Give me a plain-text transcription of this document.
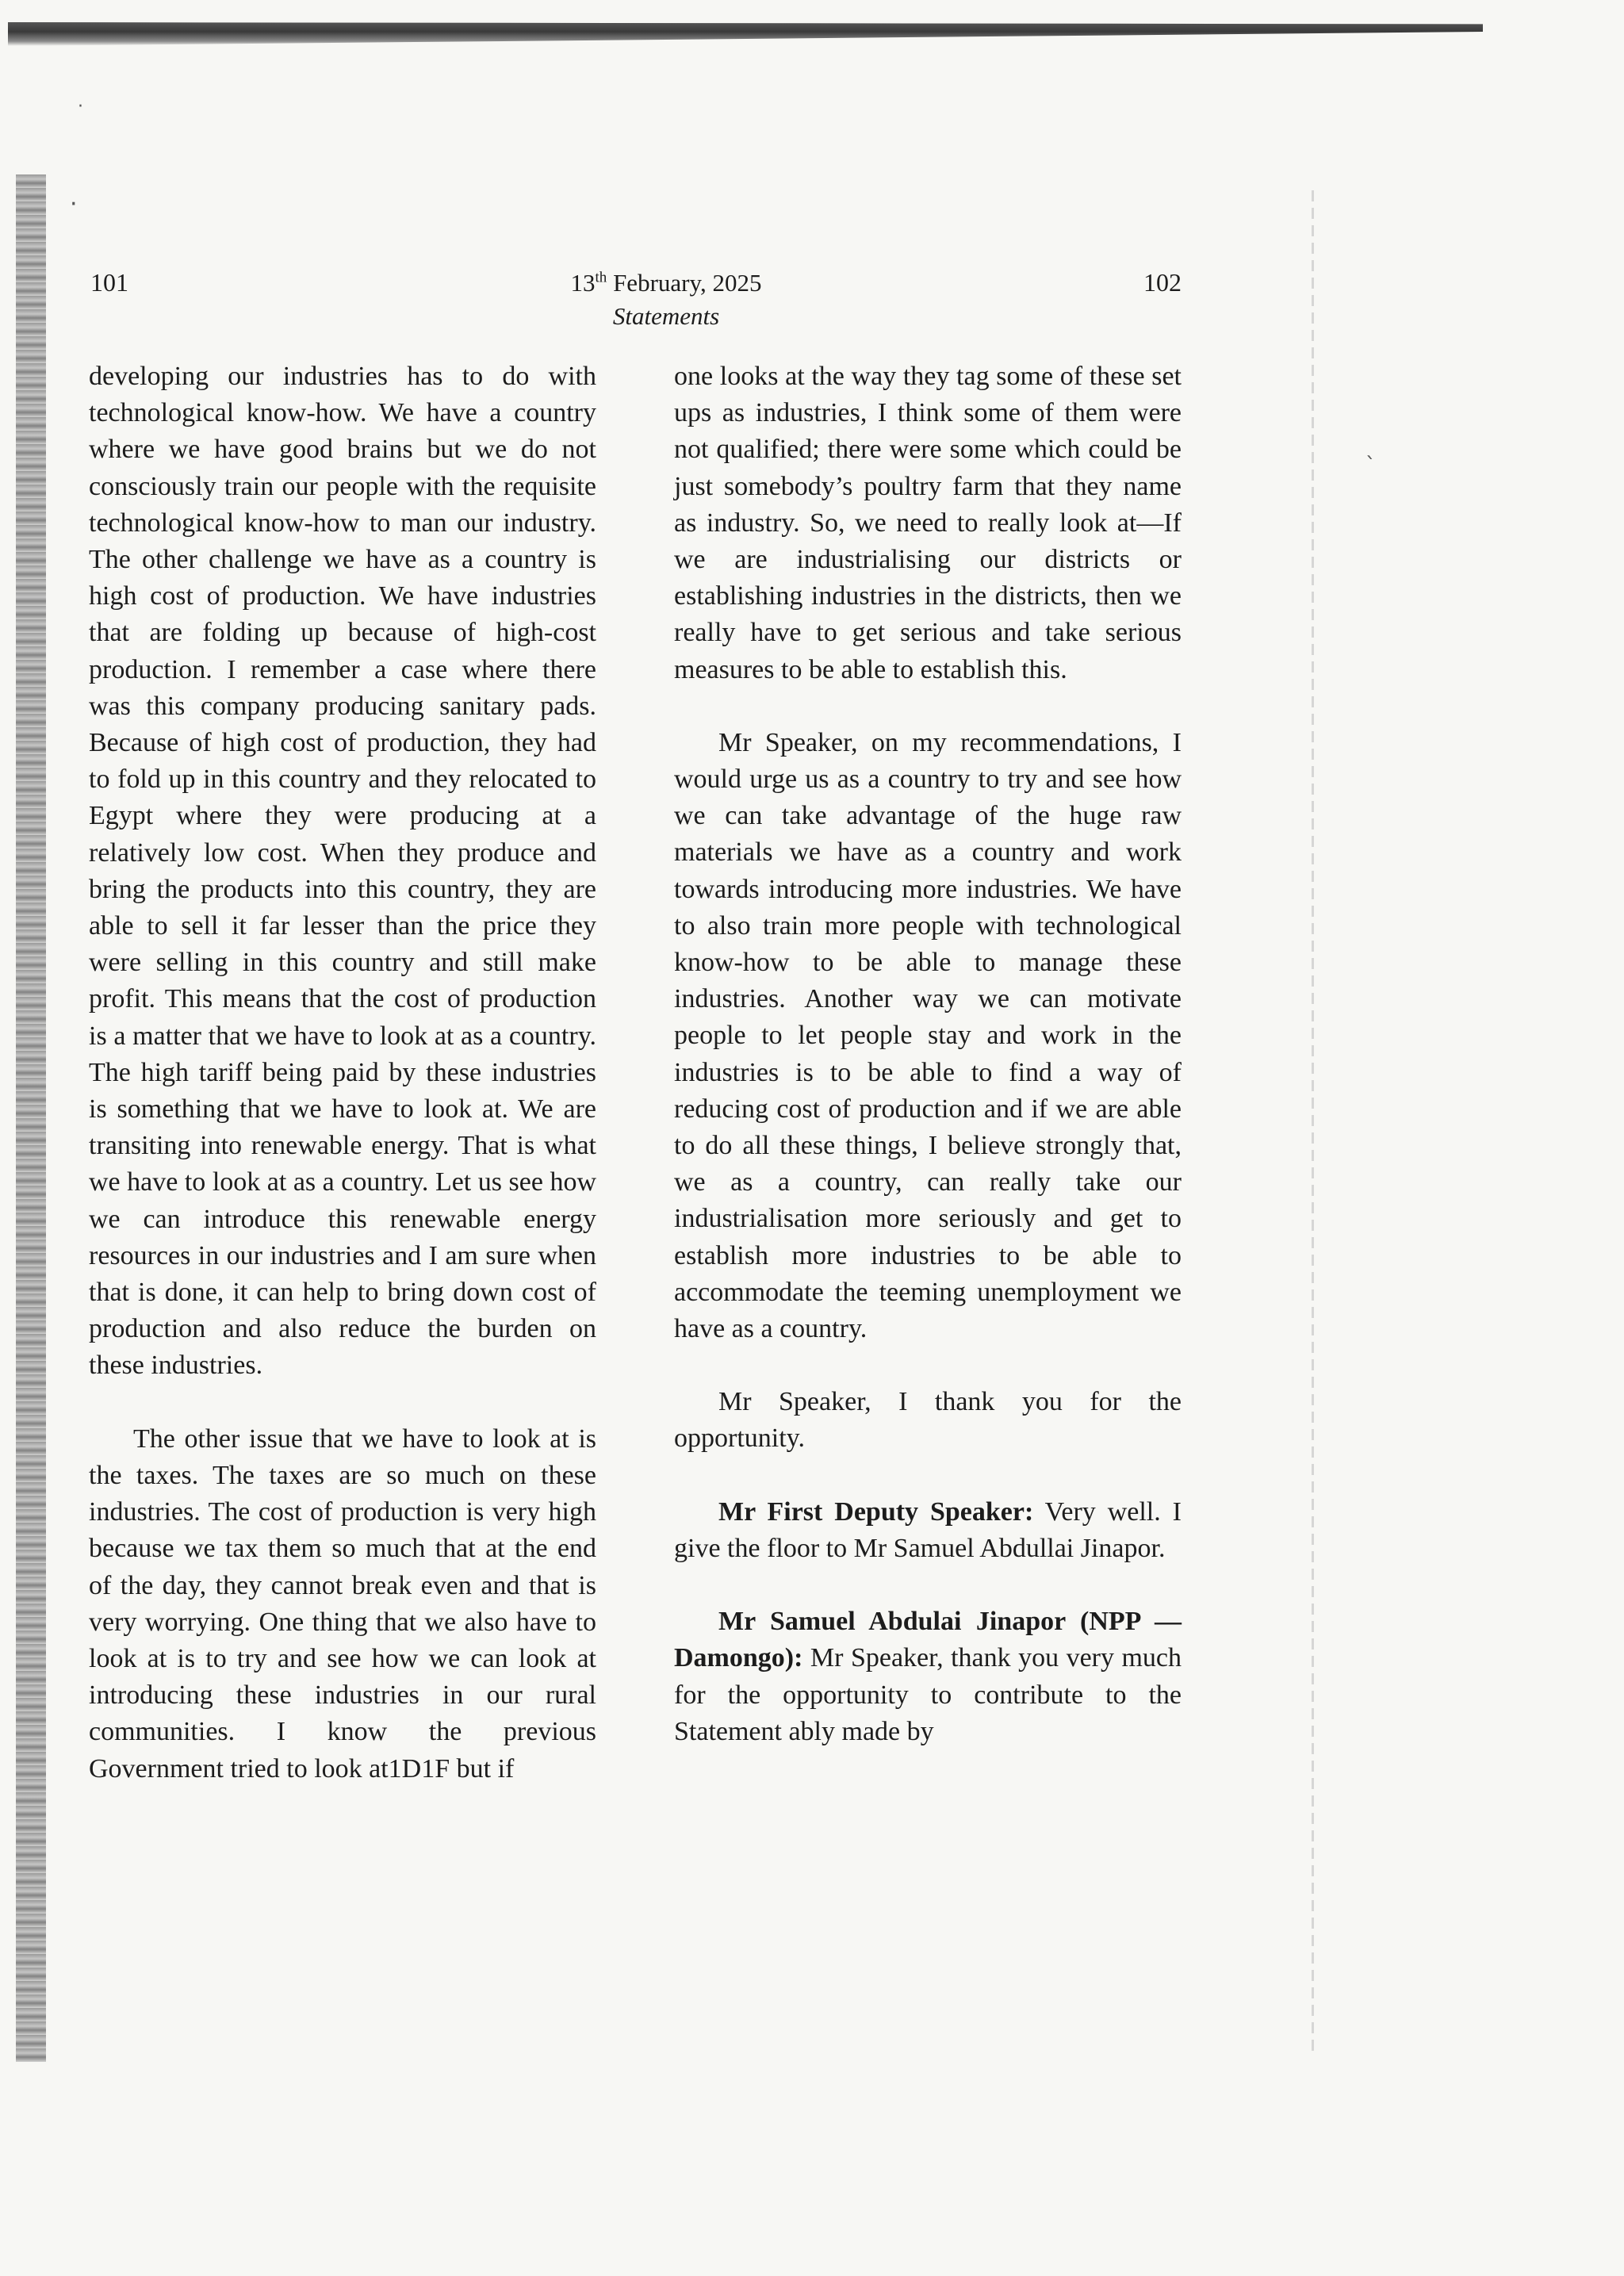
·
·
`
101	13th February, 2025
Statements
102

developing our industries has to do with technological know-how. We have a country where we have good brains but we do not consciously train our people with the requisite technological know-how to man our industry. The other challenge we have as a country is high cost of production. We have industries that are folding up because of high-cost production. I remember a case where there was this company producing sanitary pads. Because of high cost of production, they had to fold up in this country and they relocated to Egypt where they were producing at a relatively low cost. When they produce and bring the products into this country, they are able to sell it far lesser than the price they were selling in this country and still make profit. This means that the cost of production is a matter that we have to look at as a country. The high tariff being paid by these industries is something that we have to look at. We are transiting into renewable energy. That is what we have to look at as a country. Let us see how we can introduce this renewable energy resources in our industries and I am sure when that is done, it can help to bring down cost of production and also reduce the burden on these industries.

The other issue that we have to look at is the taxes. The taxes are so much on these industries. The cost of production is very high because we tax them so much that at the end of the day, they cannot break even and that is very worrying. One thing that we also have to look at is to try and see how we can look at introducing these industries in our rural communities. I know the previous Government tried to look at1D1F but if

one looks at the way they tag some of these set ups as industries, I think some of them were not qualified; there were some which could be just somebody’s poultry farm that they name as industry. So, we need to really look at—If we are industrialising our districts or establishing industries in the districts, then we really have to get serious and take serious measures to be able to establish this.

Mr Speaker, on my recommendations, I would urge us as a country to try and see how we can take advantage of the huge raw materials we have as a country and work towards introducing more industries. We have to also train more people with technological know-how to be able to manage these industries. Another way we can motivate people to let people stay and work in the industries is to be able to find a way of reducing cost of production and if we are able to do all these things, I believe strongly that, we as a country, can really take our industrialisation more seriously and get to establish more industries to be able to accommodate the teeming unemployment we have as a country.

Mr Speaker, I thank you for the opportunity.

Mr First Deputy Speaker: Very well. I give the floor to Mr Samuel Abdullai Jinapor.

Mr Samuel Abdulai Jinapor (NPP — Damongo): Mr Speaker, thank you very much for the opportunity to contribute to the Statement ably made by
